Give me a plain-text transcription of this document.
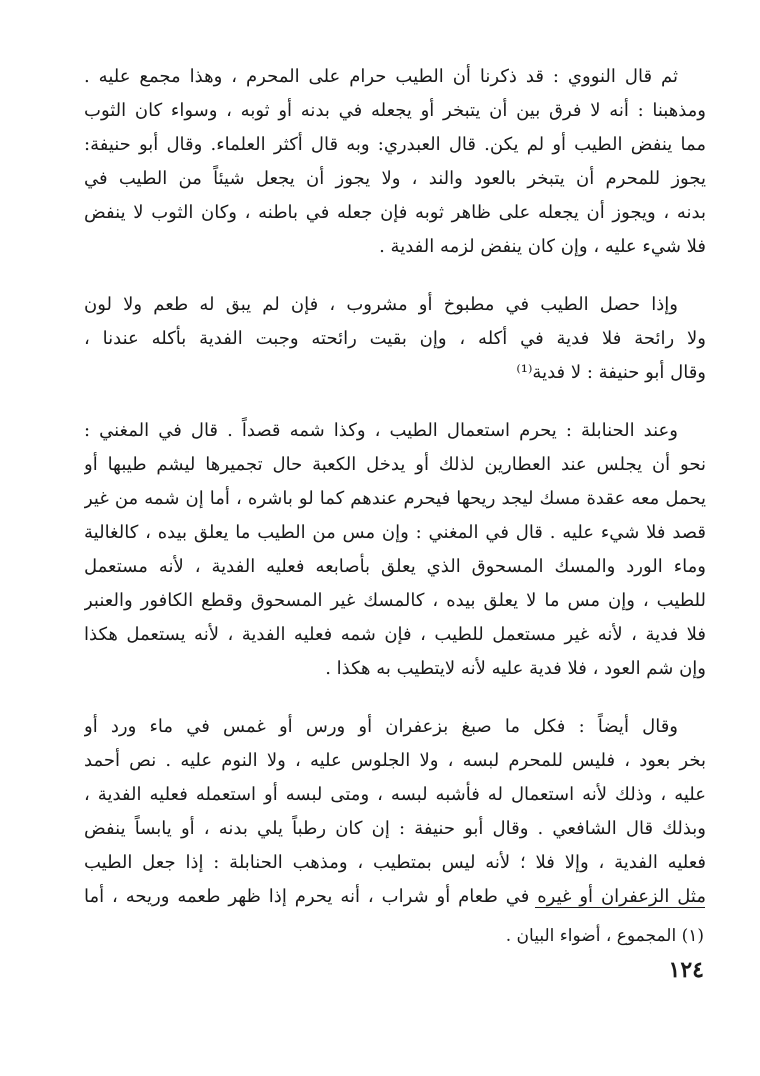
ثم قال النووي : قد ذكرنا أن الطيب حرام على المحرم ، وهذا مجمع عليه .
ومذهبنا : أنه لا فرق بين أن يتبخر أو يجعله في بدنه أو ثوبه ، وسواء كان الثوب
مما ينفض الطيب أو لم يكن. قال العبدري: وبه قال أكثر العلماء. وقال أبو حنيفة:
يجوز للمحرم أن يتبخر بالعود والند ، ولا يجوز أن يجعل شيئاً من الطيب في
بدنه ، ويجوز أن يجعله على ظاهر ثوبه فإن جعله في باطنه ، وكان الثوب لا ينفض
فلا شيء عليه ، وإن كان ينفض لزمه الفدية .
وإذا حصل الطيب في مطبوخ أو مشروب ، فإن لم يبق له طعم ولا لون
ولا رائحة فلا فدية في أكله ، وإن بقيت رائحته وجبت الفدية بأكله عندنا ،
وقال أبو حنيفة : لا فدية⁽¹⁾
وعند الحنابلة : يحرم استعمال الطيب ، وكذا شمه قصداً . قال في المغني :
نحو أن يجلس عند العطارين لذلك أو يدخل الكعبة حال تجميرها ليشم طيبها أو
يحمل معه عقدة مسك ليجد ريحها فيحرم عندهم كما لو باشره ، أما إن شمه من غير
قصد فلا شيء عليه . قال في المغني : وإن مس من الطيب ما يعلق بيده ، كالغالية
وماء الورد والمسك المسحوق الذي يعلق بأصابعه فعليه الفدية ، لأنه مستعمل
للطيب ، وإن مس ما لا يعلق بيده ، كالمسك غير المسحوق وقطع الكافور والعنبر
فلا فدية ، لأنه غير مستعمل للطيب ، فإن شمه فعليه الفدية ، لأنه يستعمل هكذا
وإن شم العود ، فلا فدية عليه لأنه لايتطيب به هكذا .
وقال أيضاً : فكل ما صبغ بزعفران أو ورس أو غمس في ماء ورد أو
بخر بعود ، فليس للمحرم لبسه ، ولا الجلوس عليه ، ولا النوم عليه . نص أحمد
عليه ، وذلك لأنه استعمال له فأشبه لبسه ، ومتى لبسه أو استعمله فعليه الفدية ،
وبذلك قال الشافعي . وقال أبو حنيفة : إن كان رطباً يلي بدنه ، أو يابساً ينفض
فعليه الفدية ، وإلا فلا ؛ لأنه ليس بمتطيب ، ومذهب الحنابلة : إذا جعل الطيب
مثل الزعفران أو غيره في طعام أو شراب ، أنه يحرم إذا ظهر طعمه وريحه ، أما
(١) المجموع ، أضواء البيان .
١٢٤
